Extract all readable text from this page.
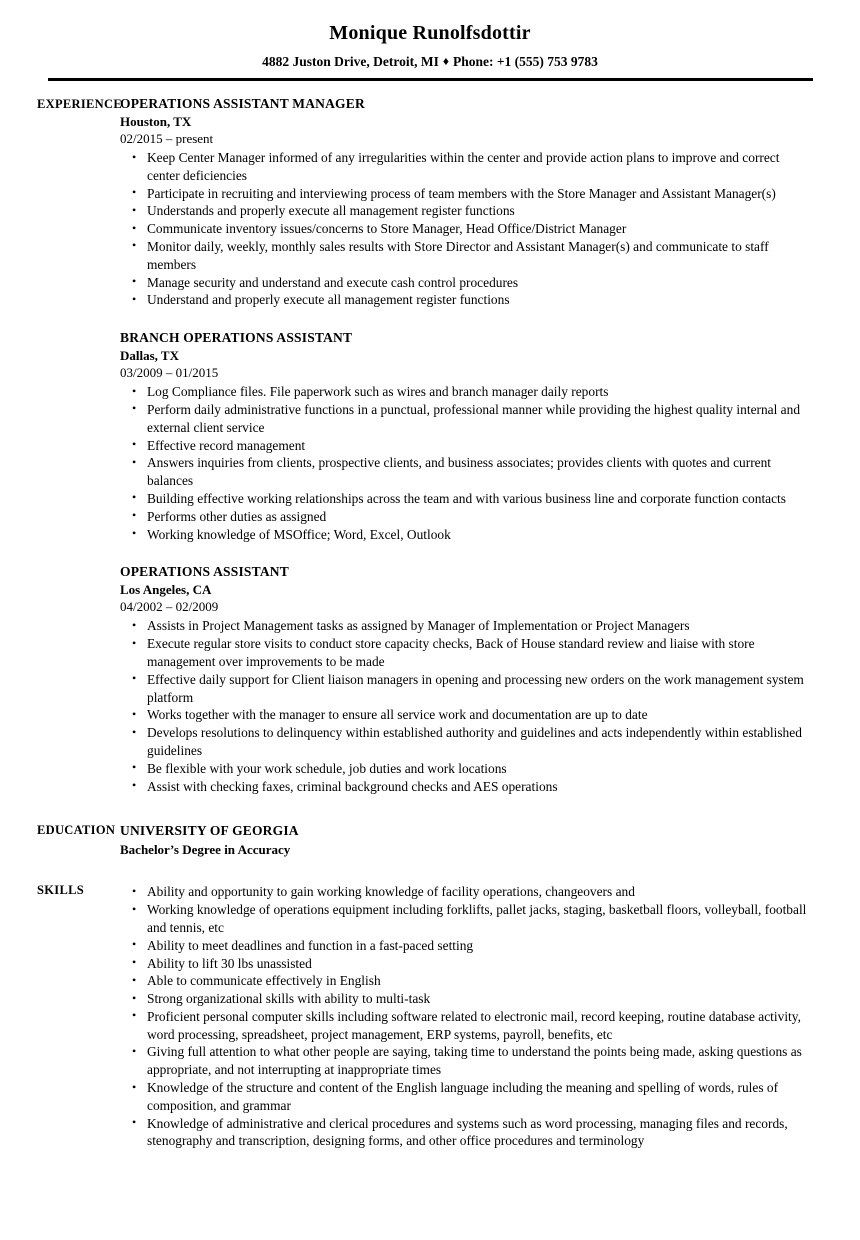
Monique Runolfsdottir
4882 Juston Drive, Detroit, MI ♦ Phone: +1 (555) 753 9783
EXPERIENCE
OPERATIONS ASSISTANT MANAGER
Houston, TX
02/2015 – present
• Keep Center Manager informed of any irregularities within the center and provide action plans to improve and correct center deficiencies
• Participate in recruiting and interviewing process of team members with the Store Manager and Assistant Manager(s)
• Understands and properly execute all management register functions
• Communicate inventory issues/concerns to Store Manager, Head Office/District Manager
• Monitor daily, weekly, monthly sales results with Store Director and Assistant Manager(s) and communicate to staff members
• Manage security and understand and execute cash control procedures
• Understand and properly execute all management register functions
BRANCH OPERATIONS ASSISTANT
Dallas, TX
03/2009 – 01/2015
• Log Compliance files. File paperwork such as wires and branch manager daily reports
• Perform daily administrative functions in a punctual, professional manner while providing the highest quality internal and external client service
• Effective record management
• Answers inquiries from clients, prospective clients, and business associates; provides clients with quotes and current balances
• Building effective working relationships across the team and with various business line and corporate function contacts
• Performs other duties as assigned
• Working knowledge of MSOffice; Word, Excel, Outlook
OPERATIONS ASSISTANT
Los Angeles, CA
04/2002 – 02/2009
• Assists in Project Management tasks as assigned by Manager of Implementation or Project Managers
• Execute regular store visits to conduct store capacity checks, Back of House standard review and liaise with store management over improvements to be made
• Effective daily support for Client liaison managers in opening and processing new orders on the work management system platform
• Works together with the manager to ensure all service work and documentation are up to date
• Develops resolutions to delinquency within established authority and guidelines and acts independently within established guidelines
• Be flexible with your work schedule, job duties and work locations
• Assist with checking faxes, criminal background checks and AES operations
EDUCATION UNIVERSITY OF GEORGIA
Bachelor’s Degree in Accuracy
SKILLS	• Ability and opportunity to gain working knowledge of facility operations, changeovers and
• Working knowledge of operations equipment including forklifts, pallet jacks, staging, basketball floors, volleyball, football and tennis, etc
• Ability to meet deadlines and function in a fast-paced setting
• Ability to lift 30 lbs unassisted
• Able to communicate effectively in English
• Strong organizational skills with ability to multi-task
• Proficient personal computer skills including software related to electronic mail, record keeping, routine database activity, word processing, spreadsheet, project management, ERP systems, payroll, benefits, etc
• Giving full attention to what other people are saying, taking time to understand the points being made, asking questions as appropriate, and not interrupting at inappropriate times
• Knowledge of the structure and content of the English language including the meaning and spelling of words, rules of composition, and grammar
• Knowledge of administrative and clerical procedures and systems such as word processing, managing files and records, stenography and transcription, designing forms, and other office procedures and terminology
